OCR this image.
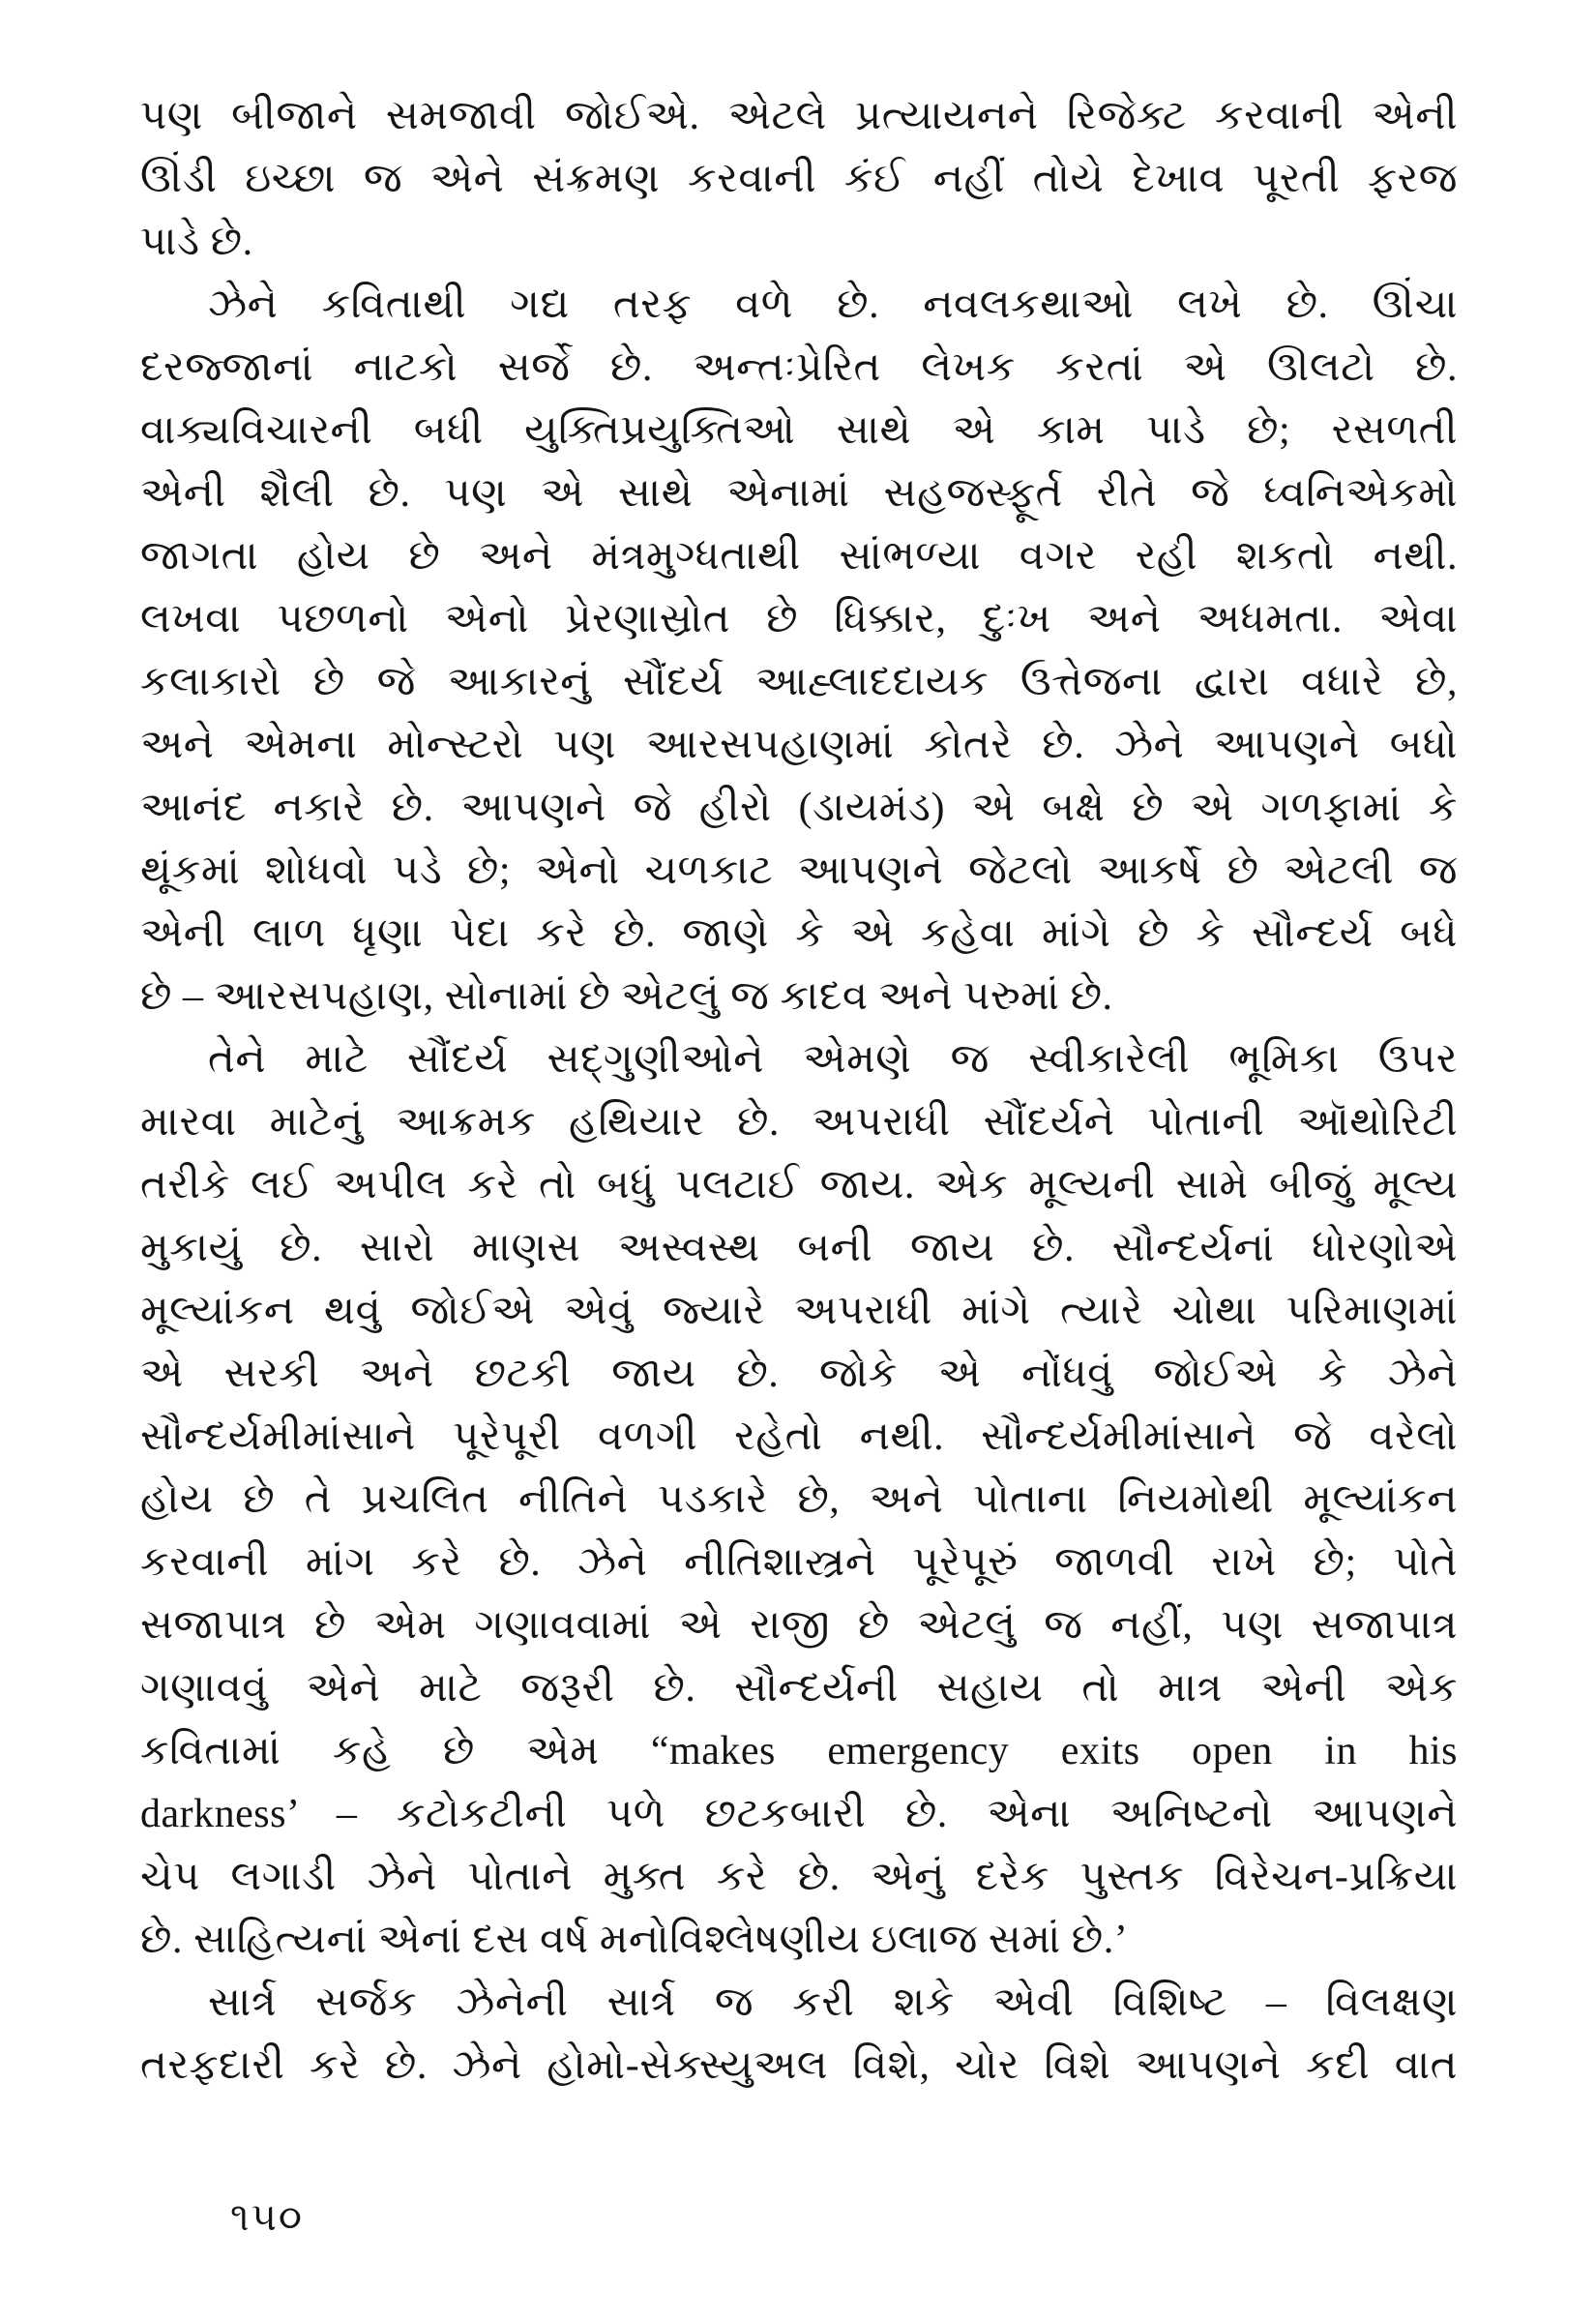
પણ બીજાને સમજાવી જોઈએ. એટલે પ્રત્યાયનને રિજેક્ટ કરવાની એની
ઊંડી ઇચ્છા જ એને સંક્રમણ કરવાની કંઈ નહીં તોયે દેખાવ પૂરતી ફરજ
પાડે છે.
ઝેને કવિતાથી ગદ્ય તરફ વળે છે. નવલકથાઓ લખે છે. ઊંચા
દરજ્જાનાં નાટકો સર્જે છે. અન્તઃપ્રેરિત લેખક કરતાં એ ઊલટો છે.
વાક્યવિચારની બધી યુક્તિપ્રયુક્તિઓ સાથે એ કામ પાડે છે; રસળતી
એની શૈલી છે. પણ એ સાથે એનામાં સહજસ્ફૂર્ત રીતે જે ધ્વનિએકમો
જાગતા હોય છે અને મંત્રમુગ્ધતાથી સાંભળ્યા વગર રહી શકતો નથી.
લખવા પછળનો એનો પ્રેરણાસ્રોત છે ધિક્કાર, દુઃખ અને અધમતા. એવા
કલાકારો છે જે આકારનું સૌંદર્ય આહ્લાદદાયક ઉત્તેજના દ્વારા વધારે છે,
અને એમના મોન્સ્ટરો પણ આરસપહાણમાં કોતરે છે. ઝેને આપણને બધો
આનંદ નકારે છે. આપણને જે હીરો (ડાયમંડ) એ બક્ષે છે એ ગળફામાં કે
થૂંકમાં શોધવો પડે છે; એનો ચળકાટ આપણને જેટલો આકર્ષે છે એટલી જ
એની લાળ ધૃણા પેદા કરે છે. જાણે કે એ કહેવા માંગે છે કે સૌન્દર્ય બધે
છે – આરસપહાણ, સોનામાં છે એટલું જ કાદવ અને પરુમાં છે.
તેને માટે સૌંદર્ય સદ્ગુણીઓને એમણે જ સ્વીકારેલી ભૂમિકા ઉપર
મારવા માટેનું આક્રમક હથિયાર છે. અપરાધી સૌંદર્યને પોતાની ઑથોરિટી
તરીકે લઈ અપીલ કરે તો બધું પલટાઈ જાય. એક મૂલ્યની સામે બીજું મૂલ્ય
મુકાયું છે. સારો માણસ અસ્વસ્થ બની જાય છે. સૌન્દર્યનાં ધોરણોએ
મૂલ્યાંકન થવું જોઈએ એવું જ્યારે અપરાધી માંગે ત્યારે ચોથા પરિમાણમાં
એ સરકી અને છટકી જાય છે. જોકે એ નોંધવું જોઈએ કે ઝેને
સૌન્દર્યમીમાંસાને પૂરેપૂરી વળગી રહેતો નથી. સૌન્દર્યમીમાંસાને જે વરેલો
હોય છે તે પ્રચલિત નીતિને પડકારે છે, અને પોતાના નિયમોથી મૂલ્યાંકન
કરવાની માંગ કરે છે. ઝેને નીતિશાસ્ત્રને પૂરેપૂરું જાળવી રાખે છે; પોતે
સજાપાત્ર છે એમ ગણાવવામાં એ રાજી છે એટલું જ નહીં, પણ સજાપાત્ર
ગણાવવું એને માટે જરૂરી છે. સૌન્દર્યની સહાય તો માત્ર એની એક
કવિતામાં કહે છે એમ “makes emergency exits open in his
darkness’ – કટોકટીની પળે છટકબારી છે. એના અનિષ્ટનો આપણને
ચેપ લગાડી ઝેને પોતાને મુક્ત કરે છે. એનું દરેક પુસ્તક વિરેચન-પ્રક્રિયા
છે. સાહિત્યનાં એનાં દસ વર્ષ મનોવિશ્લેષણીય ઇલાજ સમાં છે.’
સાર્ત્ર સર્જક ઝેનેની સાર્ત્ર જ કરી શકે એવી વિશિષ્ટ – વિલક્ષણ
તરફદારી કરે છે. ઝેને હોમો-સેક્સ્યુઅલ વિશે, ચોર વિશે આપણને કદી વાત
૧૫૦
